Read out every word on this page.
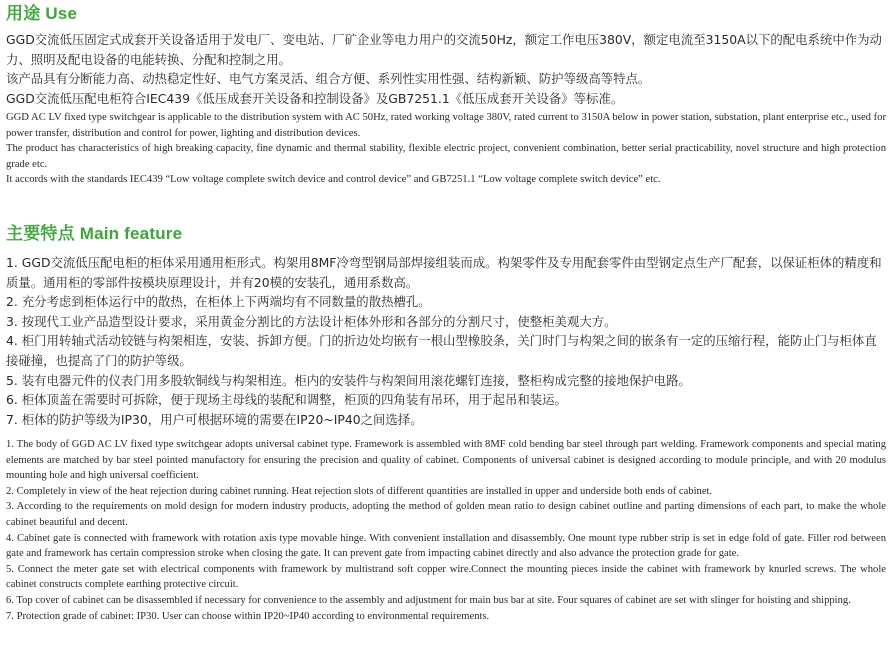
用途 Use

GGD交流低压固定式成套开关设备适用于发电厂、变电站、厂矿企业等电力用户的交流50Hz，额定工作电压380V，额定电流至3150A以下的配电系统中作为动力、照明及配电设备的电能转换、分配和控制之用。

该产品具有分断能力高、动热稳定性好、电气方案灵活、组合方便、系列性实用性强、结构新颖、防护等级高等特点。

GGD交流低压配电柜符合IEC439《低压成套开关设备和控制设备》及GB7251.1《低压成套开关设备》等标准。

GGD AC LV fixed type switchgear is applicable to the distribution system with AC 50Hz, rated working voltage 380V, rated current to 3150A below in power station, substation, plant enterprise etc., used for power transfer, distribution and control for power, lighting and distribution devices.

The product has characteristics of high breaking capacity, fine dynamic and thermal stability, flexible electric project, convenient combination, better serial practicability, novel structure and high protection grade etc.

It accords with the standards IEC439 “Low voltage complete switch device and control device” and GB7251.1 “Low voltage complete switch device” etc.

主要特点 Main feature

1. GGD交流低压配电柜的柜体采用通用柜形式。构架用8MF冷弯型钢局部焊接组装而成。构架零件及专用配套零件由型钢定点生产厂配套，以保证柜体的精度和质量。通用柜的零部件按模块原理设计，并有20模的安装孔，通用系数高。

2. 充分考虑到柜体运行中的散热，在柜体上下两端均有不同数量的散热槽孔。

3. 按现代工业产品造型设计要求，采用黄金分割比的方法设计柜体外形和各部分的分割尺寸，使整柜美观大方。

4. 柜门用转轴式活动铰链与构架相连，安装、拆卸方便。门的折边处均嵌有一根山型橡胶条，关门时门与构架之间的嵌条有一定的压缩行程，能防止门与柜体直接碰撞，也提高了门的防护等级。

5. 装有电器元件的仪表门用多股软铜线与构架相连。柜内的安装件与构架间用滚花螺钉连接，整柜构成完整的接地保护电路。

6. 柜体顶盖在需要时可拆除，便于现场主母线的装配和调整，柜顶的四角装有吊环，用于起吊和装运。

7. 柜体的防护等级为IP30，用户可根据环境的需要在IP20~IP40之间选择。

1. The body of GGD AC LV fixed type switchgear adopts universal cabinet type. Framework is assembled with 8MF cold bending bar steel through part welding. Framework components and special mating elements are matched by bar steel pointed manufactory for ensuring the precision and quality of cabinet. Components of universal cabinet is designed according to module principle, and with 20 modulus mounting hole and high universal coefficient.

2. Completely in view of the heat rejection during cabinet running. Heat rejection slots of different quantities are installed in upper and underside both ends of cabinet.

3. According to the requirements on mold design for modern industry products, adopting the method of golden mean ratio to design cabinet outline and parting dimensions of each part, to make the whole cabinet beautiful and decent.

4. Cabinet gate is connected with framework with rotation axis type movable hinge. With convenient installation and disassembly. One mount type rubber strip is set in edge fold of gate. Filler rod between gate and framework has certain compression stroke when closing the gate. It can prevent gate from impacting cabinet directly and also advance the protection grade for gate.

5. Connect the meter gate set with electrical components with framework by multistrand soft copper wire.Connect the mounting pieces inside the cabinet with framework by knurled screws. The whole cabinet constructs complete earthing protective circuit.

6. Top cover of cabinet can be disassembled if necessary for convenience to the assembly and adjustment for main bus bar at site. Four squares of cabinet are set with slinger for hoisting and shipping.

7. Protection grade of cabinet: IP30. User can choose within IP20~IP40 according to environmental requirements.
